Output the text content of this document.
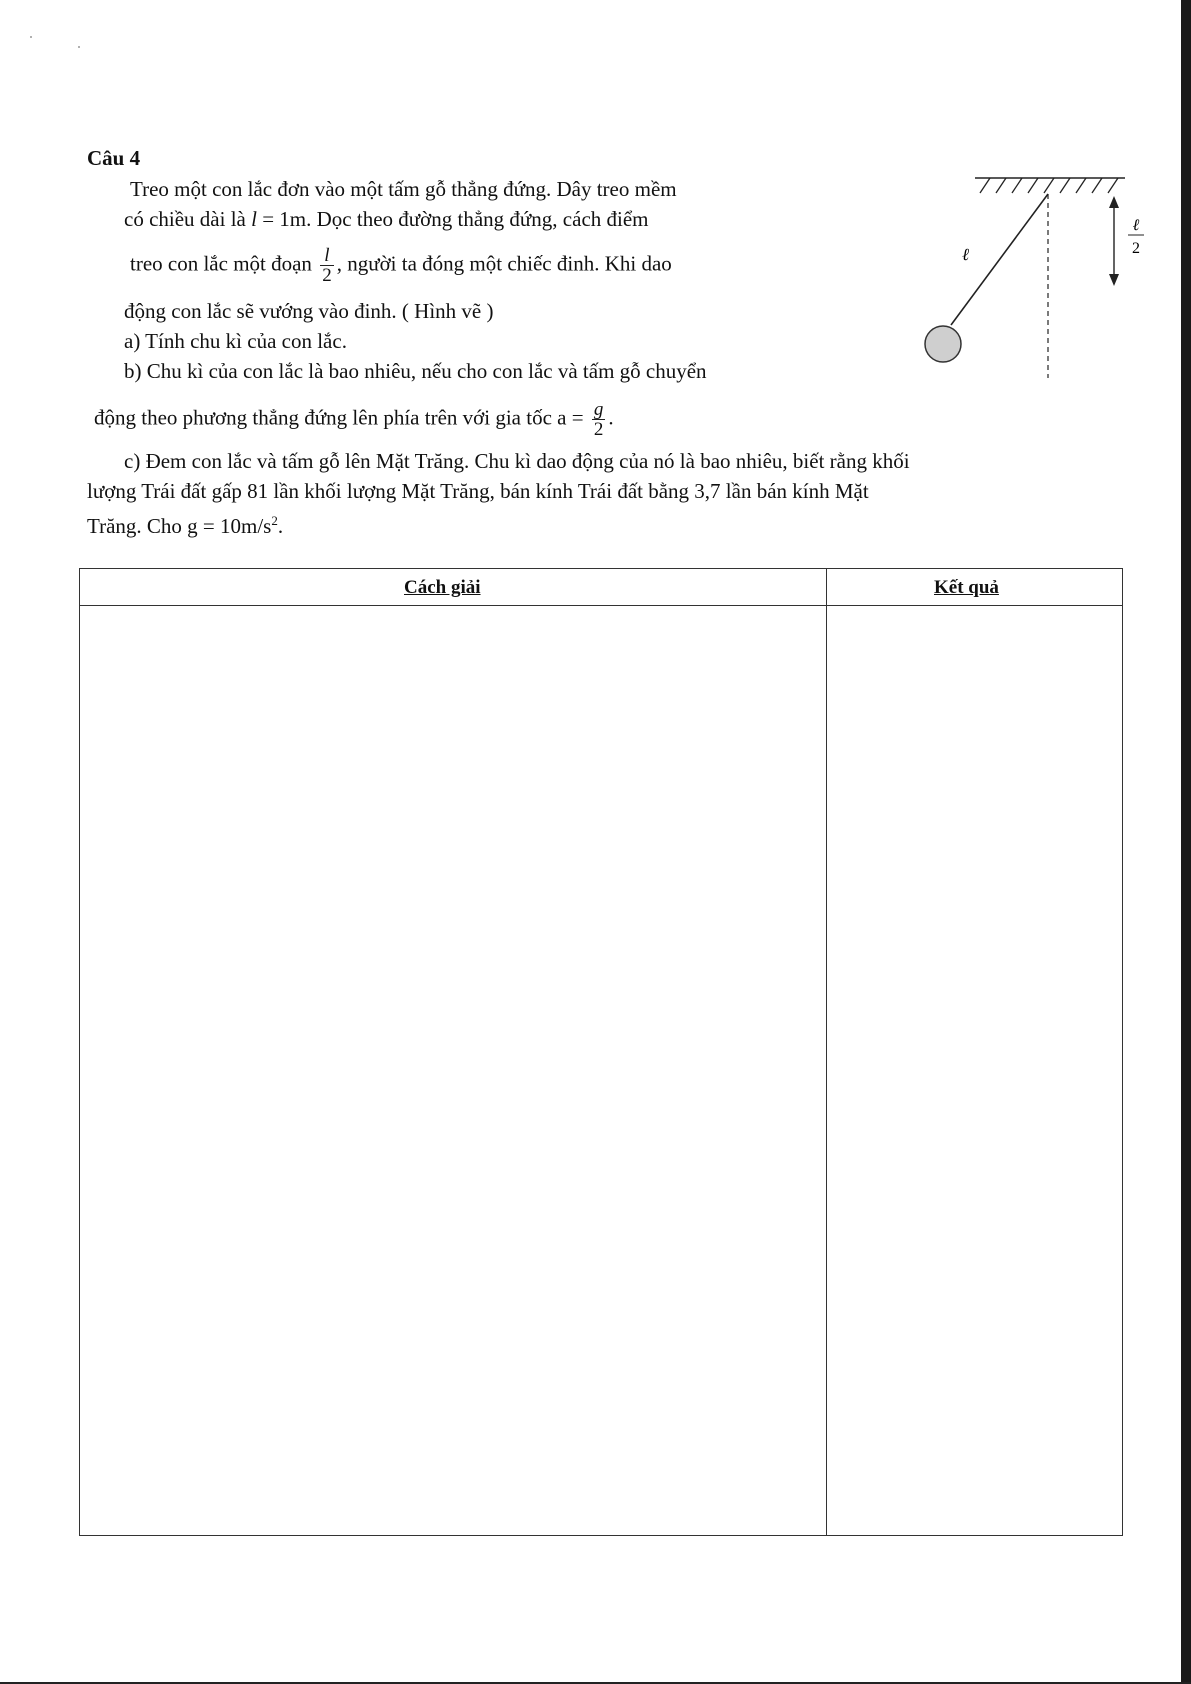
Câu 4
Treo một con lắc đơn vào một tấm gỗ thẳng đứng. Dây treo mềm
có chiều dài là l = 1m. Dọc theo đường thẳng đứng, cách điểm
treo con lắc một đoạn $\frac{l}{2}$ , người ta đóng một chiếc đinh. Khi dao
động con lắc sẽ vướng vào đinh. ( Hình vẽ )
a) Tính chu kì của con lắc.
b) Chu kì của con lắc là bao nhiêu, nếu cho con lắc và tấm gỗ chuyển
động theo phương thẳng đứng lên phía trên với gia tốc $a = \frac{g}{2}$ .
c) Đem con lắc và tấm gỗ lên Mặt Trăng. Chu kì dao động của nó là bao nhiêu, biết rằng khối
lượng Trái đất gấp 81 lần khối lượng Mặt Trăng, bán kính Trái đất bằng 3,7 lần bán kính Mặt
Trăng. Cho $g = 10m/s^2$.
ℓ
ℓ
2
Cách giải	Kết quả
